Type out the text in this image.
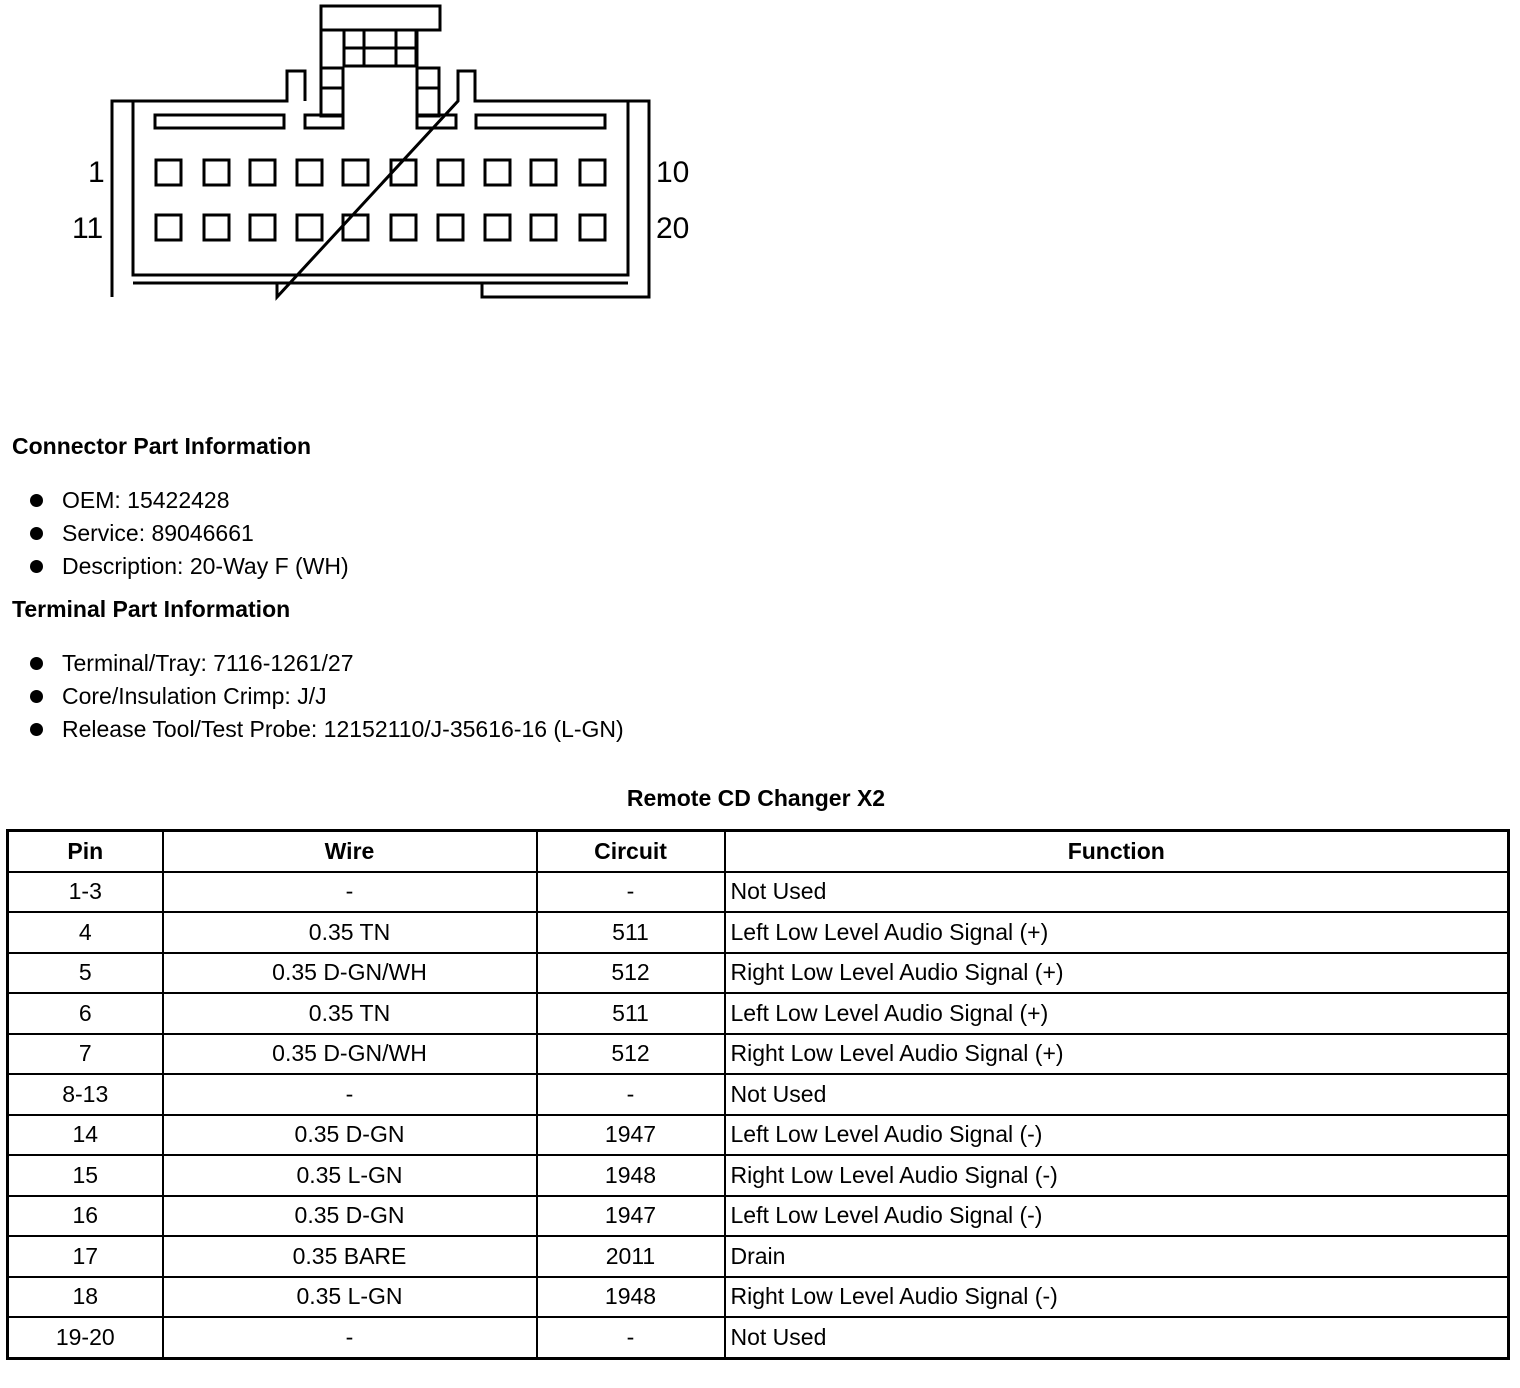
1	10
11	20
Connector Part Information
OEM: 15422428
Service: 89046661
Description: 20-Way F (WH)
Terminal Part Information
Terminal/Tray: 7116-1261/27
Core/Insulation Crimp: J/J
Release Tool/Test Probe: 12152110/J-35616-16 (L-GN)
Remote CD Changer X2
Pin	Wire	Circuit	Function
1-3	-	-	Not Used
4	0.35 TN	511	Left Low Level Audio Signal (+)
5	0.35 D-GN/WH	512	Right Low Level Audio Signal (+)
6	0.35 TN	511	Left Low Level Audio Signal (+)
7	0.35 D-GN/WH	512	Right Low Level Audio Signal (+)
8-13	-	-	Not Used
14	0.35 D-GN	1947	Left Low Level Audio Signal (-)
15	0.35 L-GN	1948	Right Low Level Audio Signal (-)
16	0.35 D-GN	1947	Left Low Level Audio Signal (-)
17	0.35 BARE	2011	Drain
18	0.35 L-GN	1948	Right Low Level Audio Signal (-)
19-20	-	-	Not Used
